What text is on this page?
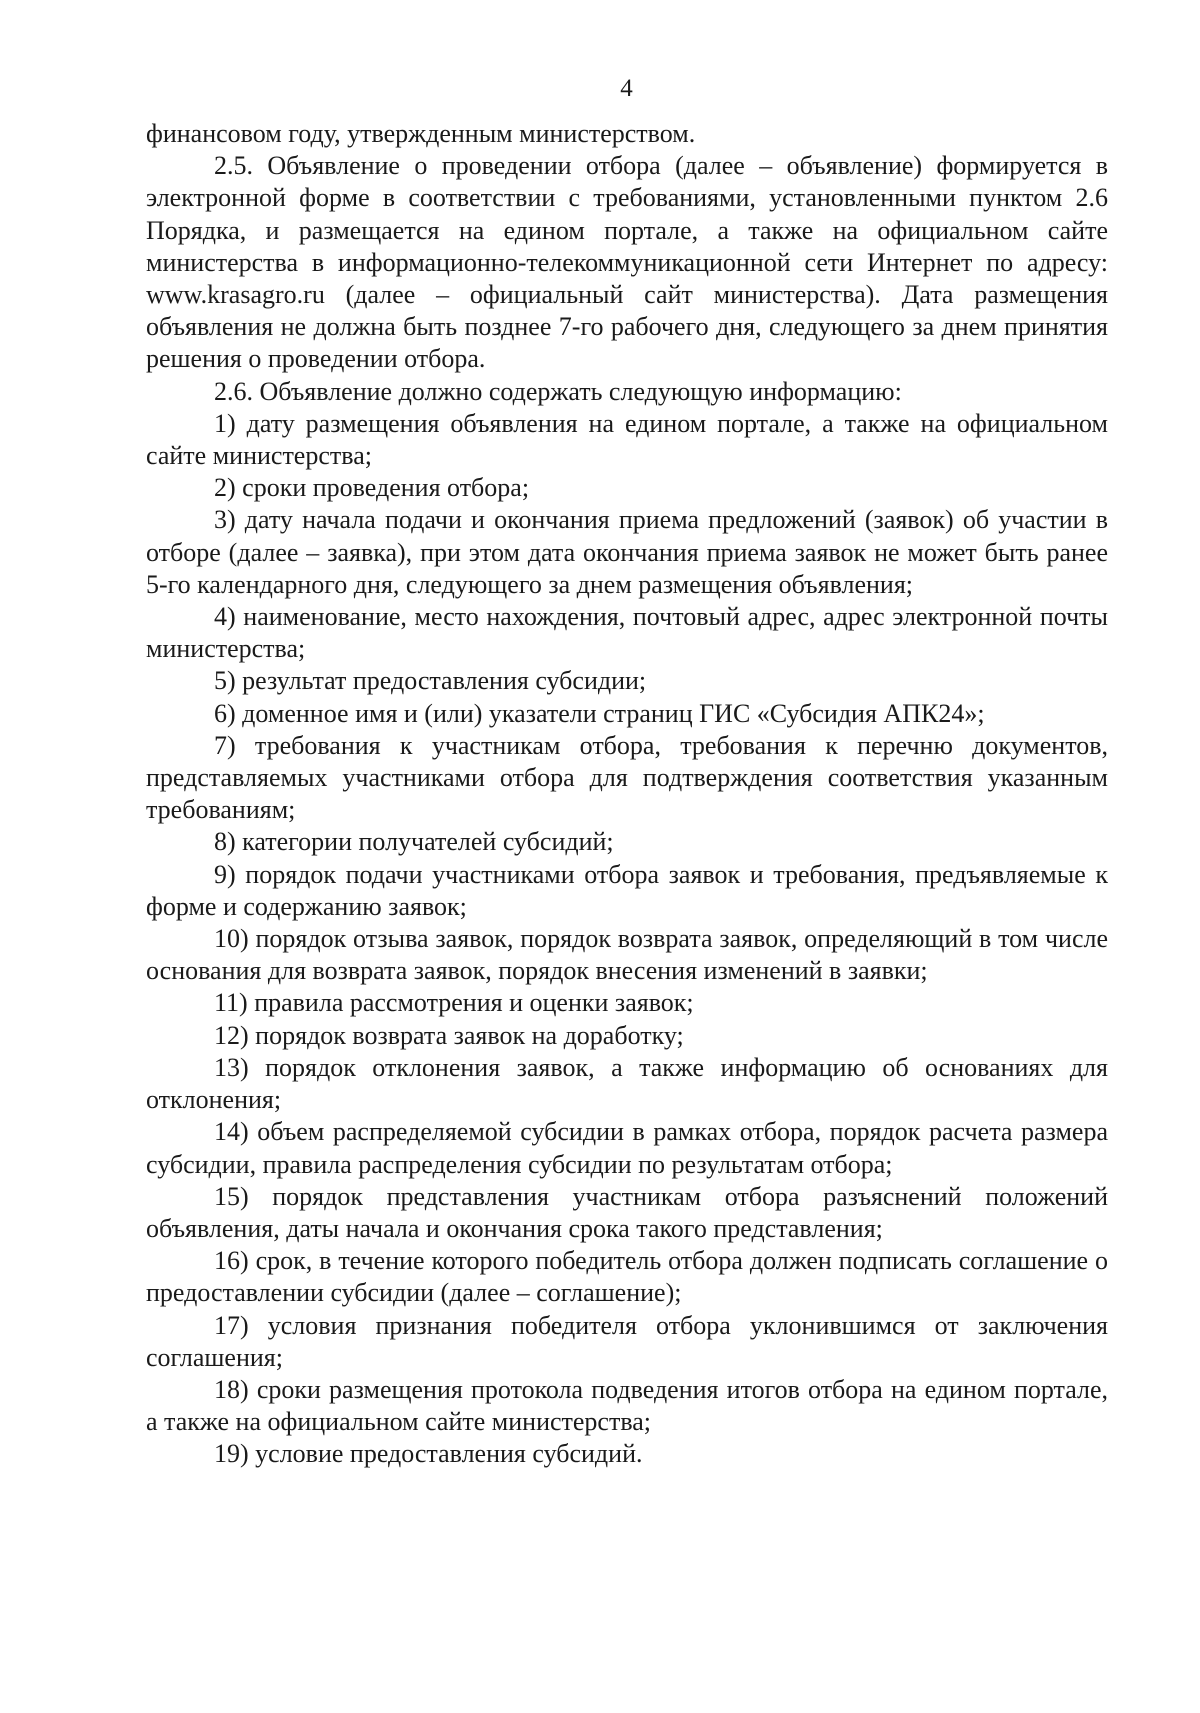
4

финансовом году, утвержденным министерством.

2.5. Объявление о проведении отбора (далее – объявление) формируется в электронной форме в соответствии с требованиями, установленными пунктом 2.6 Порядка, и размещается на едином портале, а также на официальном сайте министерства в информационно-телекоммуникационной сети Интернет по адресу: www.krasagro.ru (далее – официальный сайт министерства). Дата размещения объявления не должна быть позднее 7-го рабочего дня, следующего за днем принятия решения о проведении отбора.

2.6. Объявление должно содержать следующую информацию:

1) дату размещения объявления на едином портале, а также на официальном сайте министерства;

2) сроки проведения отбора;

3) дату начала подачи и окончания приема предложений (заявок) об участии в отборе (далее – заявка), при этом дата окончания приема заявок не может быть ранее 5-го календарного дня, следующего за днем размещения объявления;

4) наименование, место нахождения, почтовый адрес, адрес электронной почты министерства;

5) результат предоставления субсидии;

6) доменное имя и (или) указатели страниц ГИС «Субсидия АПК24»;

7) требования к участникам отбора, требования к перечню документов, представляемых участниками отбора для подтверждения соответствия указанным требованиям;

8) категории получателей субсидий;

9) порядок подачи участниками отбора заявок и требования, предъявляемые к форме и содержанию заявок;

10) порядок отзыва заявок, порядок возврата заявок, определяющий в том числе основания для возврата заявок, порядок внесения изменений в заявки;

11) правила рассмотрения и оценки заявок;

12) порядок возврата заявок на доработку;

13) порядок отклонения заявок, а также информацию об основаниях для отклонения;

14) объем распределяемой субсидии в рамках отбора, порядок расчета размера субсидии, правила распределения субсидии по результатам отбора;

15) порядок представления участникам отбора разъяснений положений объявления, даты начала и окончания срока такого представления;

16) срок, в течение которого победитель отбора должен подписать соглашение о предоставлении субсидии (далее – соглашение);

17) условия признания победителя отбора уклонившимся от заключения соглашения;

18) сроки размещения протокола подведения итогов отбора на едином портале, а также на официальном сайте министерства;

19) условие предоставления субсидий.
